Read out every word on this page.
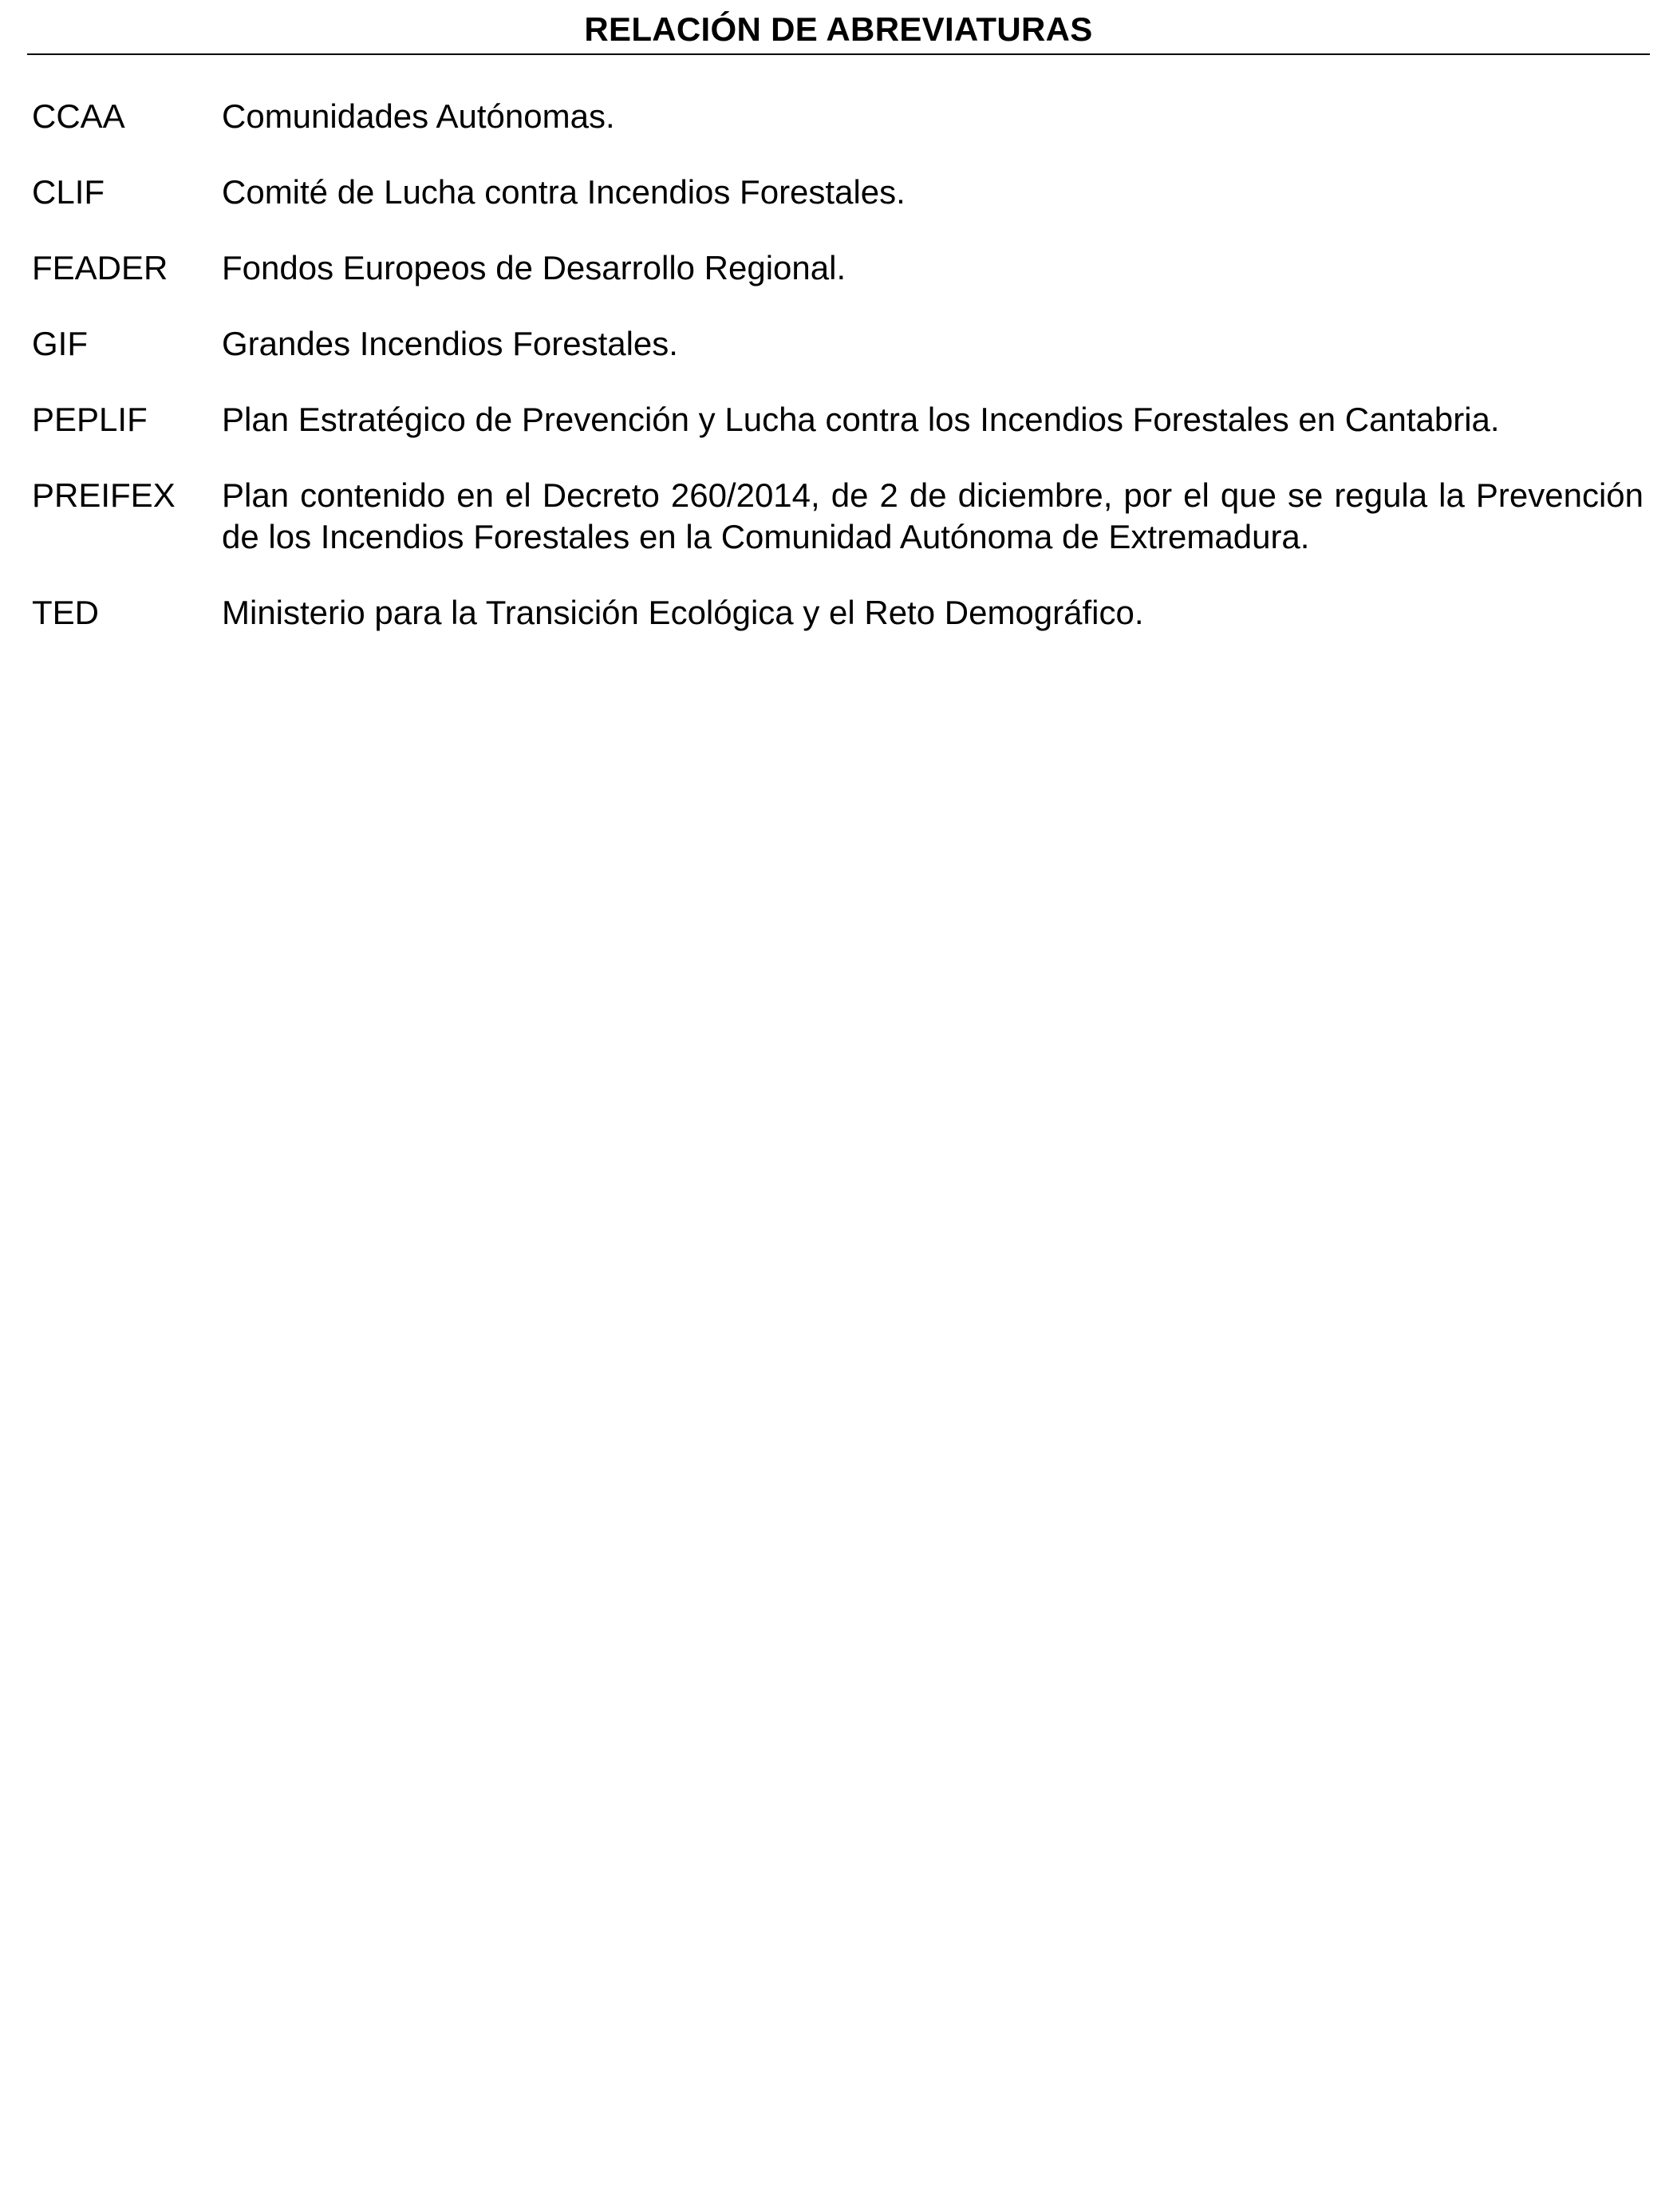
RELACIÓN DE ABREVIATURAS
CCAA	Comunidades Autónomas.
CLIF	Comité de Lucha contra Incendios Forestales.
FEADER	Fondos Europeos de Desarrollo Regional.
GIF	Grandes Incendios Forestales.
PEPLIF	Plan Estratégico de Prevención y Lucha contra los Incendios Forestales en Cantabria.
PREIFEX	Plan contenido en el Decreto 260/2014, de 2 de diciembre, por el que se regula la Prevención de los Incendios Forestales en la Comunidad Autónoma de Extremadura.
TED	Ministerio para la Transición Ecológica y el Reto Demográfico.
